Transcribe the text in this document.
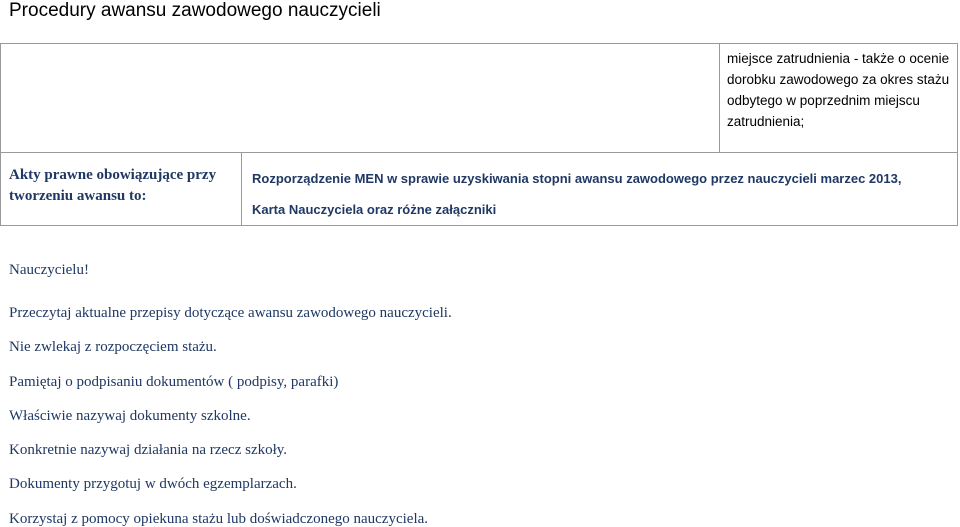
Procedury awansu zawodowego nauczycieli
miejsce zatrudnienia - także o ocenie
dorobku zawodowego za okres stażu
odbytego w poprzednim miejscu
zatrudnienia;
Akty prawne obowiązujące przy
tworzeniu awansu to:
Rozporządzenie MEN w sprawie uzyskiwania stopni awansu zawodowego przez nauczycieli marzec 2013,
Karta Nauczyciela oraz różne załączniki
Nauczycielu!
Przeczytaj aktualne przepisy dotyczące awansu zawodowego nauczycieli.
Nie zwlekaj z rozpoczęciem stażu.
Pamiętaj o podpisaniu dokumentów ( podpisy, parafki)
Właściwie nazywaj dokumenty szkolne.
Konkretnie nazywaj działania na rzecz szkoły.
Dokumenty przygotuj w dwóch egzemplarzach.
Korzystaj z pomocy opiekuna stażu lub doświadczonego nauczyciela.
